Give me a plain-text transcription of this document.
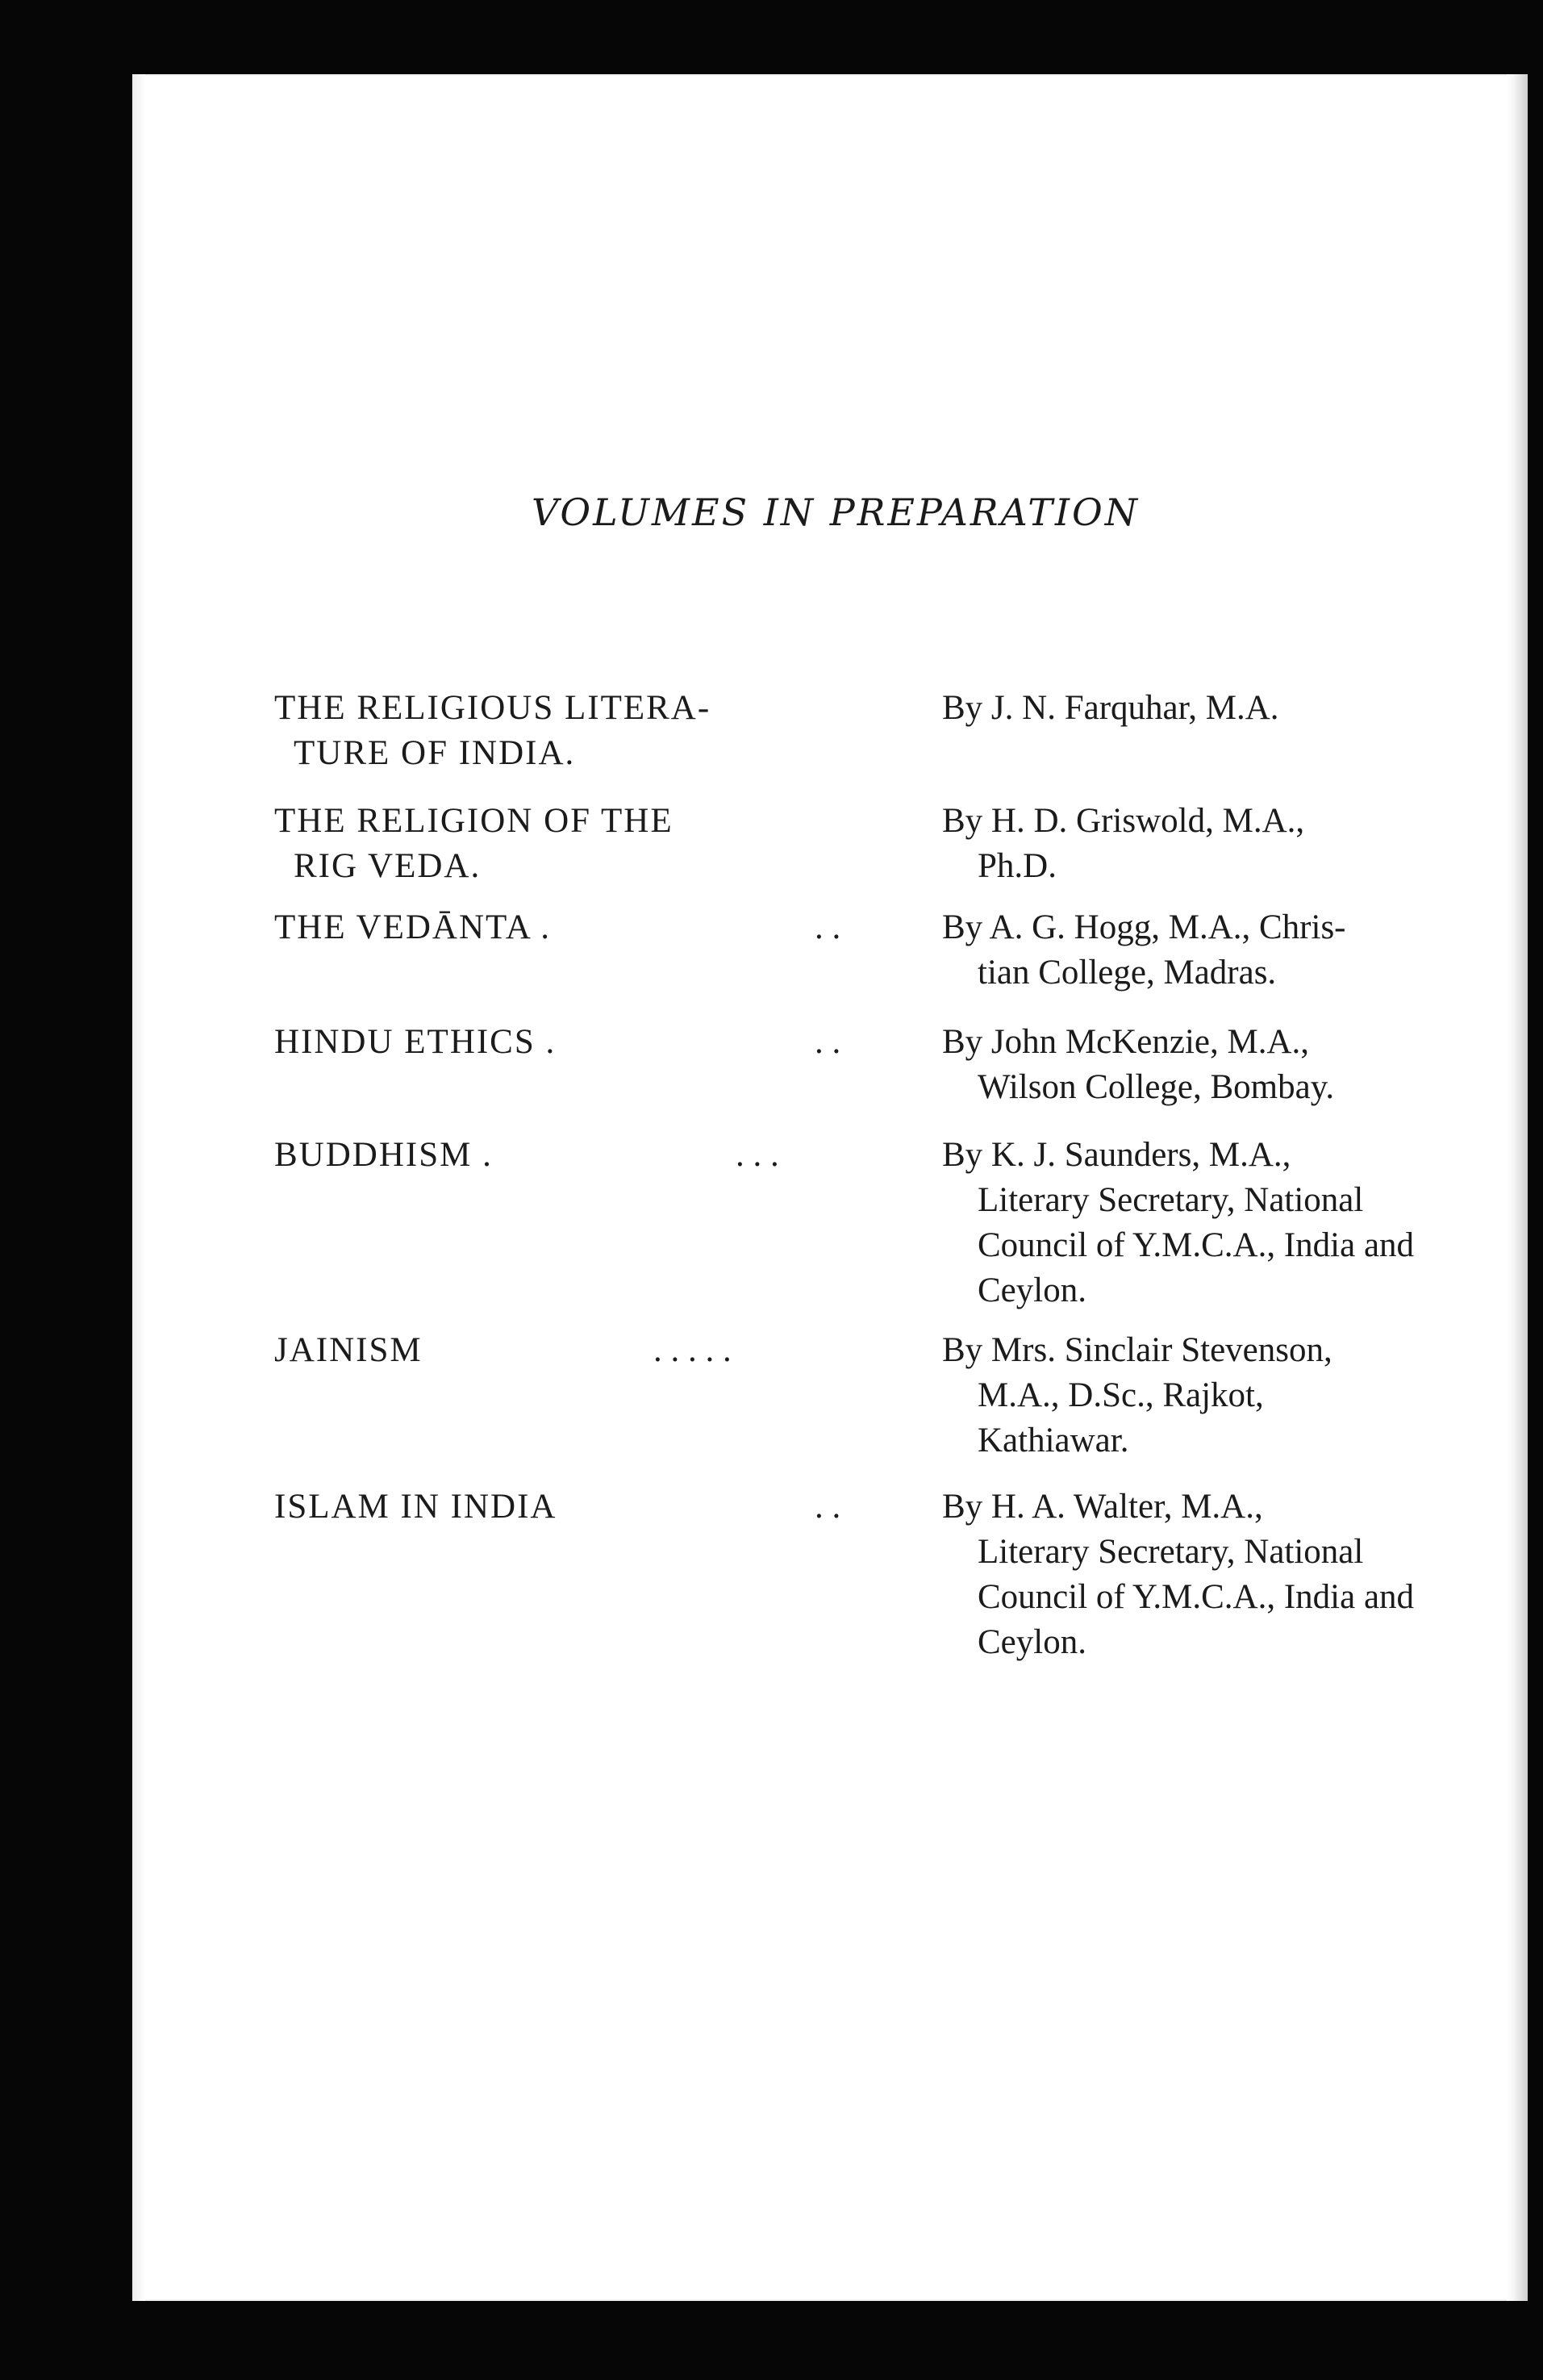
VOLUMES IN PREPARATION
THE RELIGIOUS LITERA-
TURE OF INDIA.
By J. N. Farquhar, M.A.
THE RELIGION OF THE
RIG VEDA.
By H. D. Griswold, M.A.,
Ph.D.
THE VEDĀNTA .	. .	By A. G. Hogg, M.A., Chris-
tian College, Madras.
HINDU ETHICS .	. .	By John McKenzie, M.A.,
Wilson College, Bombay.
BUDDHISM .	. . .	By K. J. Saunders, M.A.,
Literary Secretary, National Council of Y.M.C.A., India and Ceylon.
JAINISM	. . . . .	By Mrs. Sinclair Stevenson,
M.A., D.Sc., Rajkot, Kathiawar.
ISLAM IN INDIA	. .	By H. A. Walter, M.A.,
Literary Secretary, National Council of Y.M.C.A., India and Ceylon.
